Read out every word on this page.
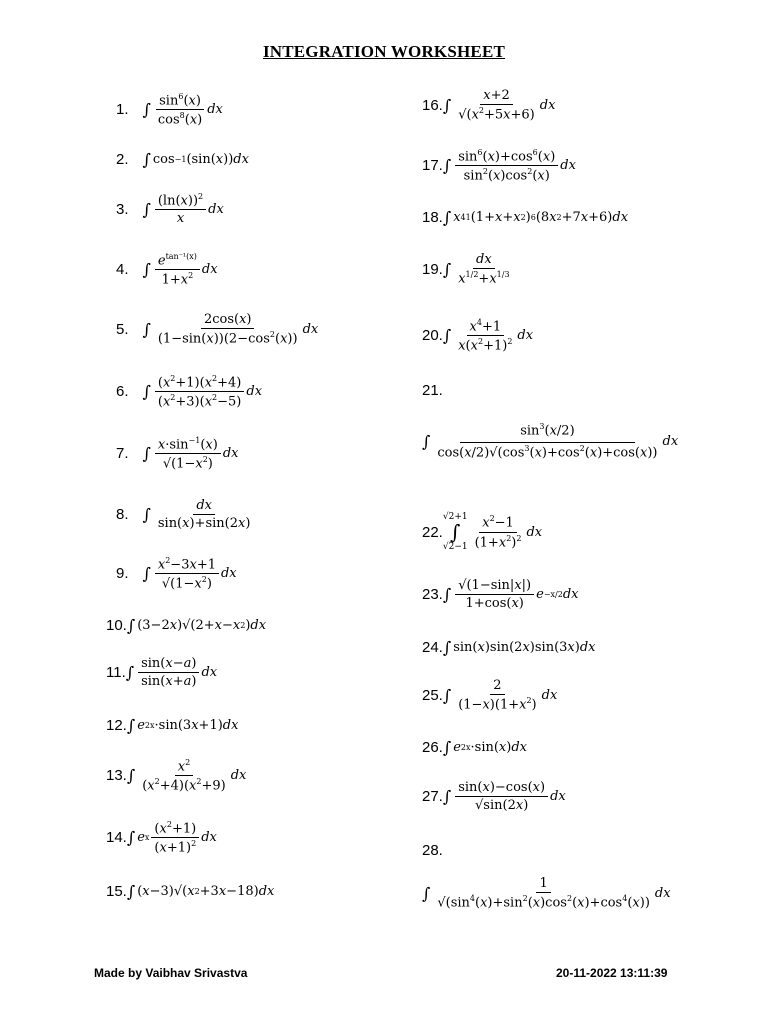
INTEGRATION WORKSHEET
1. ∫ $\frac{\sin^6(x)}{\cos^8(x)}$ dx
2. ∫ cos −1 (sin( x )) dx
3. ∫ $\frac{(\ln(x))^2}{x}$ dx
4. ∫ $\frac{e^{tan^{-1}(x)}}{1+x^2}$ dx
5. ∫ $\frac{2\cos(x)}{(1-\sin(x))(2-\cos^2(x))}$ dx
6. ∫ $\frac{(x^2+1)(x^2+4)}{(x^2+3)(x^2-5)}$ dx
7. ∫ $\frac{x\cdot\sin^{-1}(x)}{√(1-x^2)}$ dx
8. ∫ $\frac{dx}{\sin(x)+\sin(2x)}$
9. ∫ $\frac{x^2-3x+1}{√(1-x^2)}$ dx
10. ∫ (3−2 x )√(2+ x − x 2 ) dx
11. ∫ $\frac{\sin(x-a)}{\sin(x+a)}$ dx
12. ∫ e 2x ·sin(3 x +1) dx
13. ∫ $\frac{x^2}{(x^2+4)(x^2+9)}$ dx
14. ∫ e x $\frac{(x^2+1)}{(x+1)^2}$ dx
15. ∫ ( x −3)√( x 2 +3 x −18) dx
16. ∫ $\frac{x+2}{√(x^2+5x+6)}$ dx
17. ∫ $\frac{\sin^6(x)+\cos^6(x)}{\sin^2(x)\cos^2(x)}$ dx
18. ∫ x 41 (1+ x + x 2 ) 6 (8 x 2 +7 x +6) dx
19. ∫ $\frac{dx}{x^{1/2}+x^{1/3}}$
20. ∫ $\frac{x^4+1}{x(x^2+1)^2}$ dx
21.
∫ $\frac{\sin^3(x/2)}{\cos(x/2)√(\cos^3(x)+\cos^2(x)+\cos(x))}$ dx
22.
√2+1
∫
$√2-1 \frac{x^2-1}{(1+x^2)^2}$ dx
23. ∫ $\frac{√(1-\sin|x|)}{1+\cos(x)}$ e −x/2 dx
24. ∫ sin( x )sin(2 x )sin(3 x ) dx
25. ∫ $\frac{2}{(1-x)(1+x^2)}$ dx
26. ∫ e 2x ·sin( x ) dx
27. ∫ $\frac{\sin(x)-\cos(x)}{√\sin(2x)}$ dx
28.
∫ $\frac{1}{√(\sin^4(x)+\sin^2(x)\cos^2(x)+\cos^4(x))}$ dx
Made by Vaibhav Srivastva	20-11-2022 13:11:39
